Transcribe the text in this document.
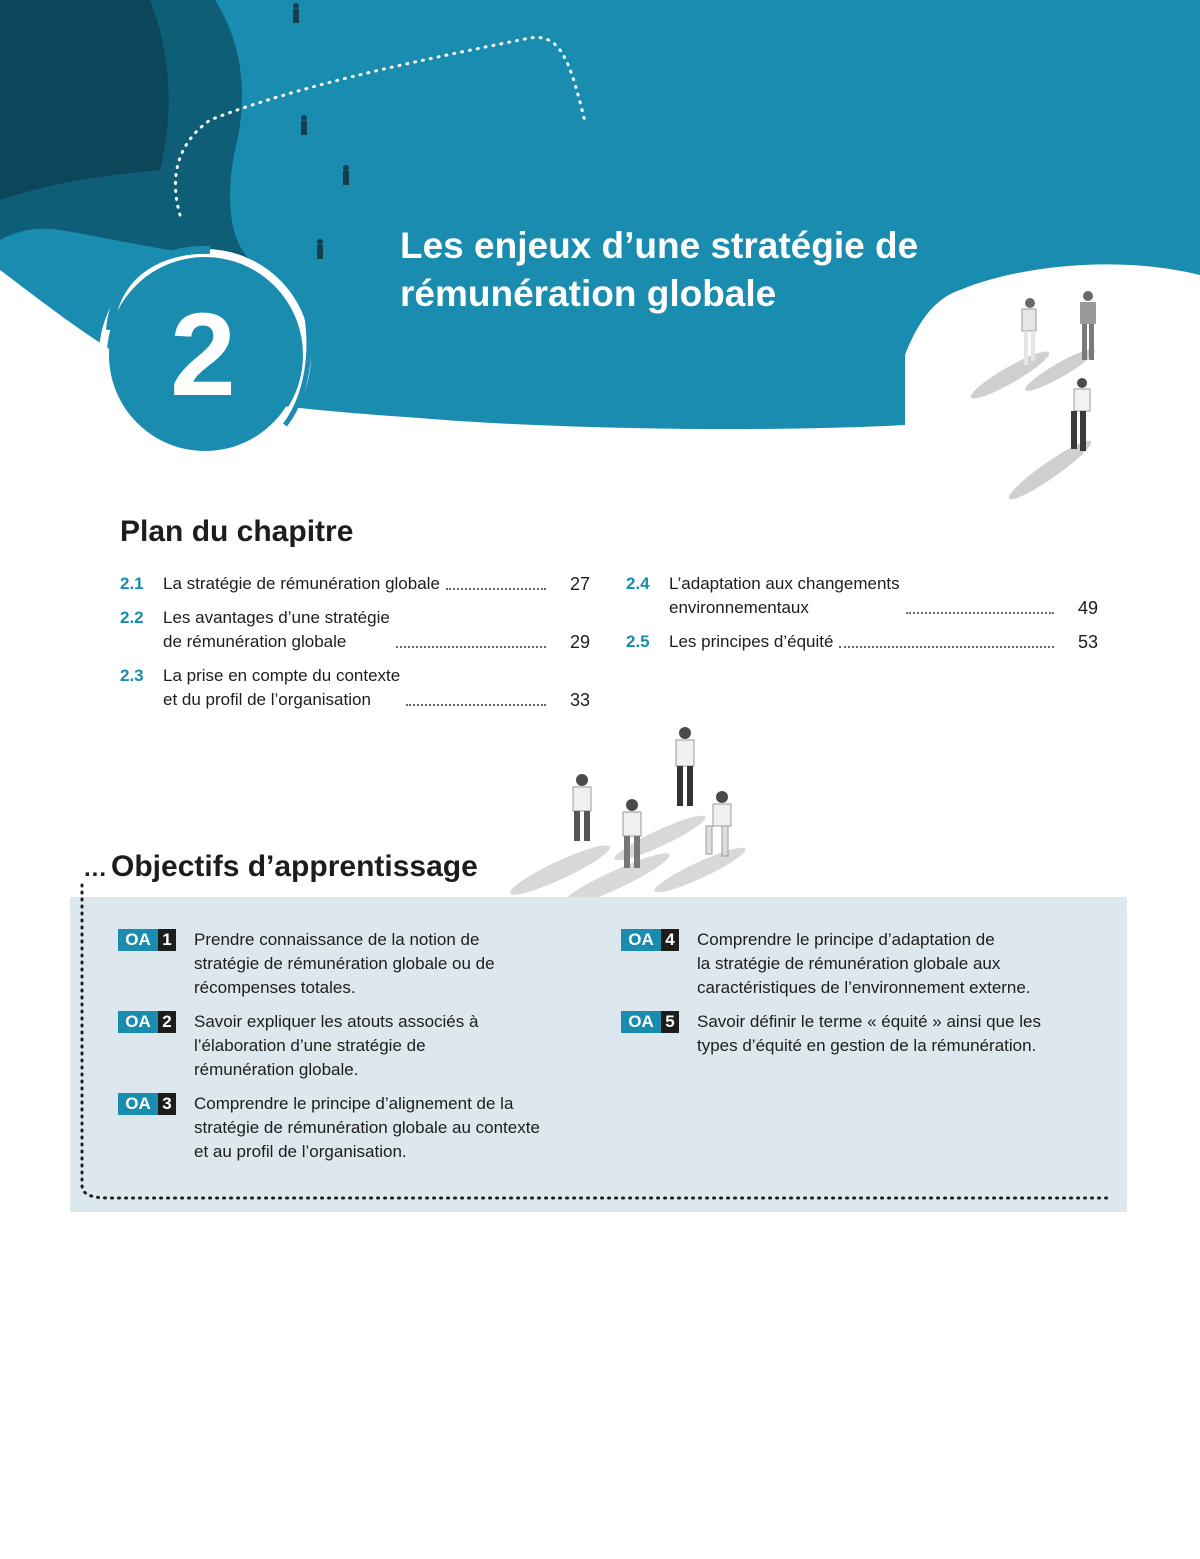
Les enjeux d’une stratégie de rémunération globale
2
Plan du chapitre
2.1	La stratégie de rémunération globale	27
2.2	Les avantages d’une stratégie
de rémunération globale	29
2.3	La prise en compte du contexte
et du profil de l’organisation	33
2.4	L’adaptation aux changements
environnementaux	49
2.5	Les principes d’équité	53
... Objectifs d’apprentissage
OA 1 Prendre connaissance de la notion de
stratégie de rémunération globale ou de
récompenses totales.
OA 2 Savoir expliquer les atouts associés à
l’élaboration d’une stratégie de
rémunération globale.
OA 3 Comprendre le principe d’alignement de la
stratégie de rémunération globale au contexte
et au profil de l’organisation.
OA 4 Comprendre le principe d’adaptation de
la stratégie de rémunération globale aux
caractéristiques de l’environnement externe.
OA 5 Savoir définir le terme « équité » ainsi que les
types d’équité en gestion de la rémunération.
